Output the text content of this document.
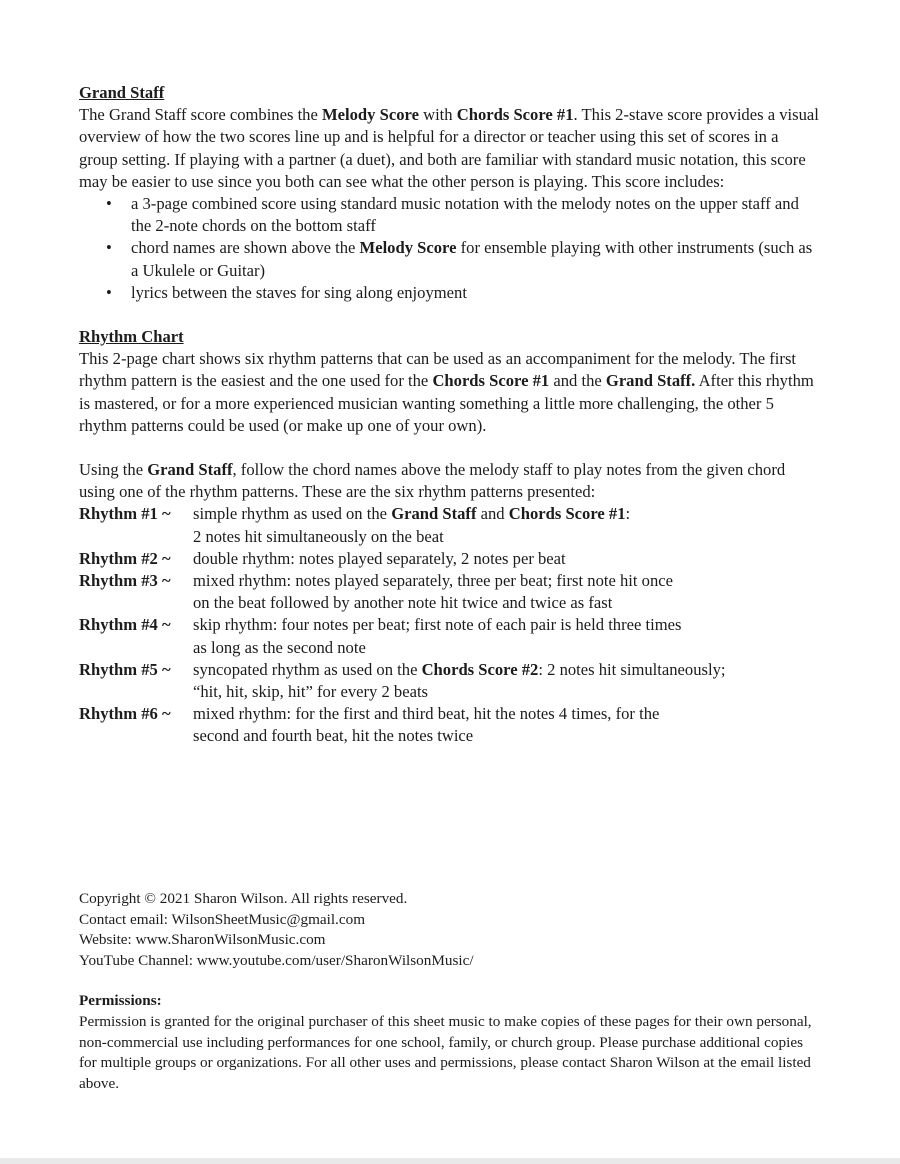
Grand Staff

The Grand Staff score combines the Melody Score with Chords Score #1. This 2-stave score provides a visual overview of how the two scores line up and is helpful for a director or teacher using this set of scores in a group setting. If playing with a partner (a duet), and both are familiar with standard music notation, this score may be easier to use since you both can see what the other person is playing. This score includes:

• a 3-page combined score using standard music notation with the melody notes on the upper staff and the 2-note chords on the bottom staff
• chord names are shown above the Melody Score for ensemble playing with other instruments (such as a Ukulele or Guitar)
• lyrics between the staves for sing along enjoyment

Rhythm Chart

This 2-page chart shows six rhythm patterns that can be used as an accompaniment for the melody. The first rhythm pattern is the easiest and the one used for the Chords Score #1 and the Grand Staff. After this rhythm is mastered, or for a more experienced musician wanting something a little more challenging, the other 5 rhythm patterns could be used (or make up one of your own).

Using the Grand Staff, follow the chord names above the melody staff to play notes from the given chord using one of the rhythm patterns. These are the six rhythm patterns presented:

Rhythm #1 ~	simple rhythm as used on the Grand Staff and Chords Score #1:
2 notes hit simultaneously on the beat
Rhythm #2 ~	double rhythm: notes played separately, 2 notes per beat
Rhythm #3 ~	mixed rhythm: notes played separately, three per beat; first note hit once
on the beat followed by another note hit twice and twice as fast
Rhythm #4 ~	skip rhythm: four notes per beat; first note of each pair is held three times
as long as the second note
Rhythm #5 ~	syncopated rhythm as used on the Chords Score #2: 2 notes hit simultaneously;
“hit, hit, skip, hit” for every 2 beats
Rhythm #6 ~	mixed rhythm: for the first and third beat, hit the notes 4 times, for the
second and fourth beat, hit the notes twice

Copyright © 2021 Sharon Wilson. All rights reserved.

Contact email: WilsonSheetMusic@gmail.com

Website: www.SharonWilsonMusic.com

YouTube Channel: www.youtube.com/user/SharonWilsonMusic/

Permissions:

Permission is granted for the original purchaser of this sheet music to make copies of these pages for their own personal, non-commercial use including performances for one school, family, or church group. Please purchase additional copies for multiple groups or organizations. For all other uses and permissions, please contact Sharon Wilson at the email listed above.
